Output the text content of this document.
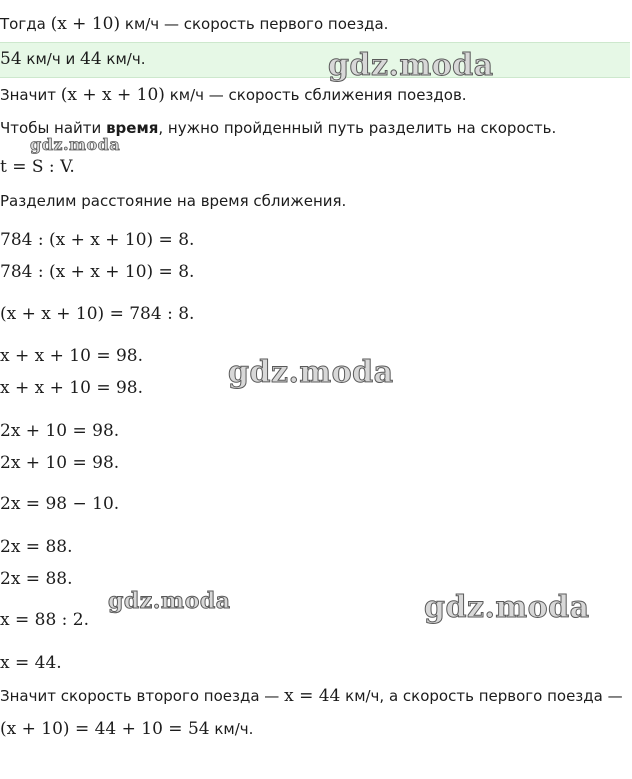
Тогда (x + 10) км/ч — скорость первого поезда.
54 км/ч и 44 км/ч.
Значит (x + x + 10) км/ч — скорость сближения поездов.
Чтобы найти время, нужно пройденный путь разделить на скорость.
t = S : V.
Разделим расстояние на время сближения.
784 : (x + x + 10) = 8.
784 : (x + x + 10) = 8.
(x + x + 10) = 784 : 8.
x + x + 10 = 98.
x + x + 10 = 98.
2x + 10 = 98.
2x + 10 = 98.
2x = 98 − 10.
2x = 88.
2x = 88.
x = 88 : 2.
x = 44.
Значит скорость второго поезда — x = 44 км/ч, а скорость первого поезда —
(x + 10) = 44 + 10 = 54 км/ч.
gdz.moda
gdz.moda
gdz.moda
gdz.moda	gdz.moda
